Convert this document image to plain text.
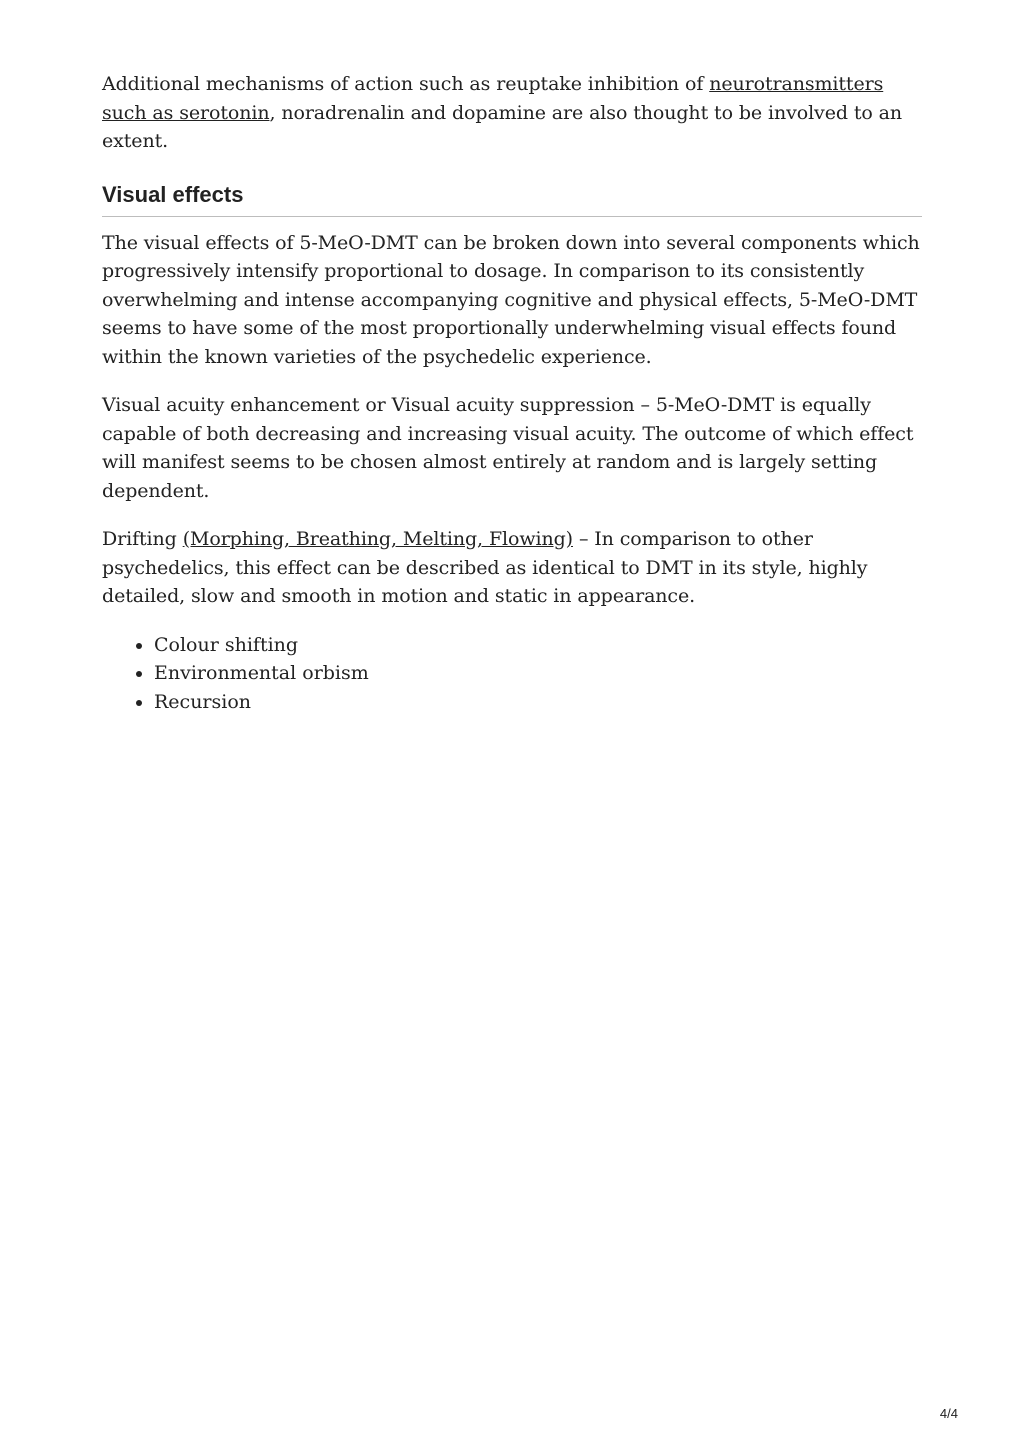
Additional mechanisms of action such as reuptake inhibition of neurotransmitters such as serotonin, noradrenalin and dopamine are also thought to be involved to an extent.

Visual effects

The visual effects of 5-MeO-DMT can be broken down into several components which progressively intensify proportional to dosage. In comparison to its consistently overwhelming and intense accompanying cognitive and physical effects, 5-MeO-DMT seems to have some of the most proportionally underwhelming visual effects found within the known varieties of the psychedelic experience.

Visual acuity enhancement or Visual acuity suppression – 5-MeO-DMT is equally capable of both decreasing and increasing visual acuity. The outcome of which effect will manifest seems to be chosen almost entirely at random and is largely setting dependent.

Drifting (Morphing, Breathing, Melting, Flowing) – In comparison to other psychedelics, this effect can be described as identical to DMT in its style, highly detailed, slow and smooth in motion and static in appearance.

• Colour shifting
• Environmental orbism
• Recursion
4/4
